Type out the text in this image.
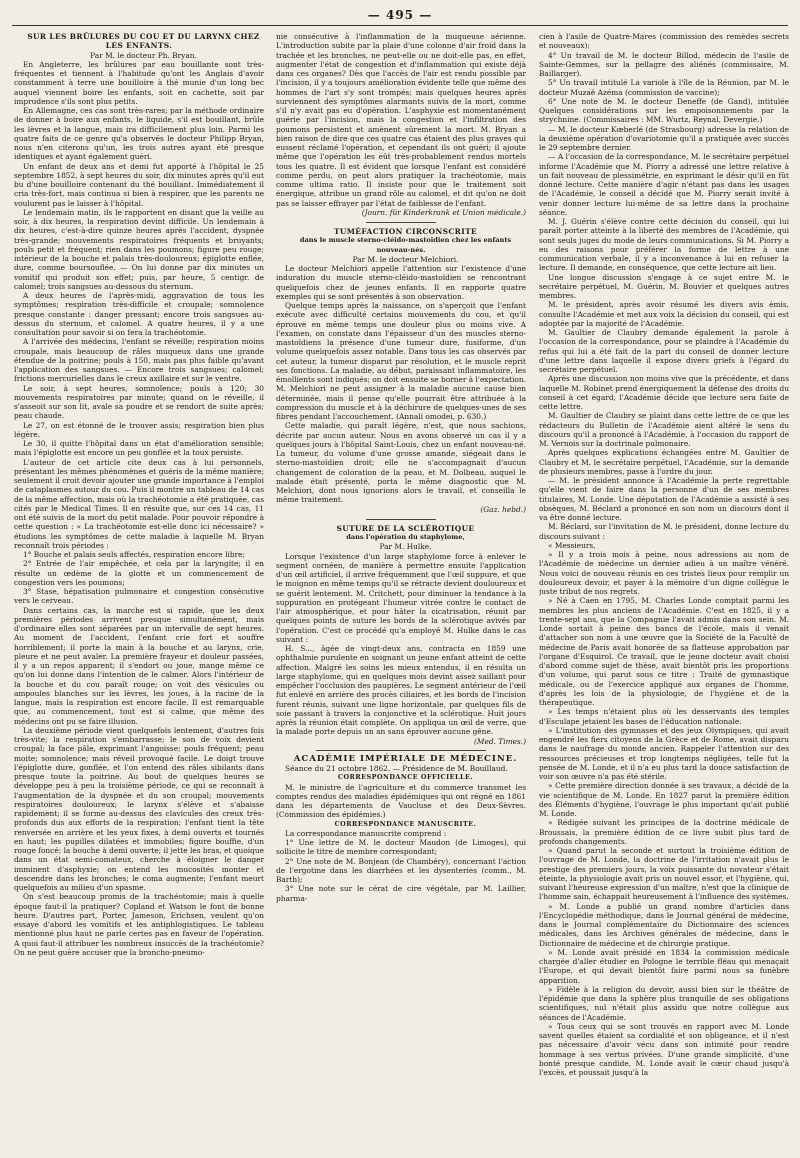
— 495 —

SUR LES BRÛLURES DU COU ET DU LARYNX CHEZ LES ENFANTS.

Par M. le docteur Ph. Bryan.

En Angleterre, les brûlures par eau bouillante sont très-fréquentes et tiennent à l'habitude qu'ont les Anglais d'avoir constamment à terre une bouilloire à thé munie d'un long bec auquel viennent boire les enfants, soit en cachette, soit par imprudence s'ils sont plus petits.

En Allemagne, ces cas sont très-rares; par la méthode ordinaire de donner à boire aux enfants, le liquide, s'il est bouillant, brûle les lèvres et la langue, mais ira difficilement plus loin. Parmi les quatre faits de ce genre qu'a observés le docteur Philipp Bryan, nous n'en citerons qu'un, les trois autres ayant été presque identiques et ayant également guéri.

Un enfant de deux ans et demi fut apporté à l'hôpital le 25 septembre 1852, à sept heures du soir, dix minutes après qu'il eut bu d'une bouilloire contenant du thé bouillant. Immédiatement il cria très-fort, mais continua si bien à respirer, que les parents ne voulurent pas le laisser à l'hôpital.

Le lendemain matin, ils le rapportent en disant que la veille au soir, à dix heures, la respiration devint difficile. Un lendemain à dix heures, c'est-à-dire quinze heures après l'accident, dyspnée très-grande; mouvements respiratoires fréquents et bruyants; pouls petit et fréquent; rien dans les poumons; figure peu rouge; intérieur de la bouche et palais très-douloureux; épiglotte enflée, dure, comme boursouflée. — On lui donne par dix minutes un vomitif qui produit son effet; puis, par heure, 5 centigr. de calomel; trois sangsues au-dessous du sternum.

A deux heures de l'après-midi, aggravation de tous les symptômes; respiration très-difficile et croupale; somnolence presque constante : danger pressant; encore trois sangsues au-dessus du sternum, et calomel. A quatre heures, il y a une consultation pour savoir si on fera la trachéotomie.

A l'arrivée des médecins, l'enfant se réveille; respiration moins croupale, mais beaucoup de râles muqueux dans une grande étendue de la poitrine; pouls à 150, mais pas plus faible qu'avant l'application des sangsues. — Encore trois sangsues; calomel; frictions mercurielles dans le creux axillaire et sur le ventre.

Le soir, à sept heures, somnolence; pouls à 120; 30 mouvements respiratoires par minute; quand on le réveille, il s'asseoit sur son lit, avale sa poudre et se rendort de suite après; peau chaude.

Le 27, on est étonné de le trouver assis; respiration bien plus légère.

Le 30, il quitte l'hôpital dans un état d'amélioration sensible; mais l'épiglotte est encore un peu gonflée et la toux persiste.

L'auteur de cet article cite deux cas à lui personnels, présentant les mêmes phénomènes et guéris de la même manière; seulement il croit devoir ajouter une grande importance à l'emploi de cataplasmes autour du cou. Puis il montre un tableau de 14 cas de la même affection, mais où la trachéotomie a été pratiquée, cas cités par le Medical Times. Il en résulte que, sur ces 14 cas, 11 ont été suivis de la mort du petit malade. Pour pouvoir répondre à cette question : « La trachéotomie est-elle donc ici nécessaire? » étudions les symptômes de cette maladie à laquelle M. Bryan reconnaît trois périodes :

1° Bouche et palais seuls affectés, respiration encore libre;

2° Entrée de l'air empêchée, et cela par la laryngite; il en résulte un œdème de la glotte et un commencement de congestion vers les poumons;

3° Stase, hépatisation pulmonaire et congestion consécutive vers le cerveau.

Dans certains cas, la marche est si rapide, que les deux premières périodes arrivent presque simultanément, mais d'ordinaire elles sont séparées par un intervalle de sept heures. Au moment de l'accident, l'enfant crie fort et souffre horriblement; il porte la main à la bouche et au larynx, crie, pleure et ne peut avaler. La première frayeur et douleur passées, il y a un repos apparent; il s'endort ou joue, mange même ce qu'on lui donne dans l'intention de le calmer. Alors l'intérieur de la bouche et du cou paraît rouge; on voit des vésicules ou ampoules blanches sur les lèvres, les joues, à la racine de la langue, mais la respiration est encore facile. Il est remarquable que, au commencement, tout est si calme, que même des médecins ont pu se faire illusion.

La deuxième période vient quelquefois lentement, d'autres fois très-vite; la respiration s'embarrasse; le son de voix devient croupal; la face pâle, exprimant l'angoisse; pouls fréquent; peau moite; somnolence; mais réveil provoqué facile. Le doigt trouve l'épiglotte dure, gonflée, et l'on entend des râles sibilants dans presque toute la poitrine. Au bout de quelques heures se développe peu à peu la troisième période, ce qui se reconnaît à l'augmentation de la dyspnée et du son croupal; mouvements respiratoires douloureux; le larynx s'élève et s'abaisse rapidement; il se forme au-dessus des clavicules des creux très-profonds dus aux efforts de la respiration; l'enfant tient la tête renversée en arrière et les yeux fixes, à demi ouverts et tournés en haut; les pupilles dilatées et immobiles; figure bouffie, d'un rouge foncé; la bouche à demi ouverte; il jette les bras, et quoique dans un état semi-comateux, cherche à éloigner le danger imminent d'asphyxie; on entend les mucosités monter et descendre dans les bronches; le coma augmente; l'enfant meurt quelquefois au milieu d'un spasme.

On s'est beaucoup promis de la trachéotomie; mais à quelle époque faut-il la pratiquer? Copland et Watson le font de bonne heure. D'autres part, Porter, Jameson, Erichsen, veulent qu'on essaye d'abord les vomitifs et les antiphlogistiques. Le tableau mentionné plus haut ne parle certes pas en faveur de l'opération. A quoi faut-il attribuer les nombreux insuccès de la trachéotomie? On ne peut guère accuser que la broncho-pneumo-

nie consécutive à l'inflammation de la muqueuse aérienne. L'introduction subite par la plaie d'une colonne d'air froid dans la trachée et les bronches, ne peut-elle ou ne doit-elle pas, en effet, augmenter l'état de congestion et d'inflammation qui existe déjà dans ces organes? Dès que l'accès de l'air est rendu possible par l'incision, il y a toujours amélioration évidente telle que même des hommes de l'art s'y sont trompés; mais quelques heures après surviennent des symptômes alarmants suivis de la mort, comme s'il n'y avait pas eu d'opération. L'asphyxie est momentanément guérie par l'incision, mais la congestion et l'infiltration des poumons persistent et amènent sûrement la mort. M. Bryan a bien raison de dire que ces quatre cas étaient des plus graves qui eussent réclamé l'opération, et cependant ils ont guéri; il ajoute même que l'opération les eût très-probablement rendus mortels tous les quatre. Il est évident que lorsque l'enfant est considéré comme perdu, on peut alors pratiquer la trachéotomie, mais comme ultima ratio. Il insiste pour que le traitement soit énergique, attribue un grand rôle au calomel, et dit qu'on ne doit pas se laisser effrayer par l'état de faiblesse de l'enfant.

(Journ. für Kinderkrank et Union médicale.)

TUMÉFACTION CIRCONSCRITE

dans le muscle sterno-cléido-mastoïdien chez les enfants nouveau-nés.

Par M. le docteur Melchiori.

Le docteur Melchiori appelle l'attention sur l'existence d'une induration du muscle sterno-cléido-mastoïdien se rencontrant quelquefois chez de jeunes enfants. Il en rapporte quatre exemples qui se sont présentés à son observation.

Quelque temps après la naissance, on s'aperçoit que l'enfant exécute avec difficulté certains mouvements du cou, et qu'il éprouve en même temps une douleur plus ou moins vive. A l'examen, on constate dans l'épaisseur d'un des muscles sterno-mastoïdiens la présence d'une tumeur dure, fusiforme, d'un volume quelquefois assez notable. Dans tous les cas observés par cet auteur, la tumeur disparut par résolution, et le muscle reprit ses fonctions. La maladie, au début, paraissant inflammatoire, les émollients sont indiqués; on doit ensuite se borner à l'expectation. M. Melchiori ne peut assigner à la maladie aucune cause bien déterminée, mais il pense qu'elle pourrait être attribuée à la compression du muscle et à la déchirure de quelques-unes de ses fibres pendant l'accouchement. (Annali omodei, p. 630.)

Cette maladie, qui paraît légère, n'est, que nous sachions, décrite par aucun auteur. Nous en avons observé un cas il y a quelques jours à l'hôpital Saint-Louis, chez un enfant nouveau-né. La tumeur, du volume d'une grosse amande, siégeait dans le sterno-mastoïdien droit; elle ne s'accompagnait d'aucun changement de coloration de la peau, et M. Dolbeau, auquel le malade était présenté, porta le même diagnostic que M. Melchiori, dont nous ignorions alors le travail, et conseilla le même traitement.

(Gaz. hebd.)

SUTURE DE LA SCLÉROTIQUE

dans l'opération du staphylome,

Par M. Hulke.

Lorsque l'existence d'un large staphylome force à enlever le segment cornéen, de manière à permettre ensuite l'application d'un œil artificiel, il arrive fréquemment que l'œil suppure, et que le moignon en même temps qu'il se rétracte devient douloureux et se guérit lentement. M. Critchett, pour diminuer la tendance à la suppuration en protégeant l'humeur vitrée contre le contact de l'air atmosphérique, et pour hâter la cicatrisation, réunit par quelques points de suture les bords de la sclérotique avivés par l'opération. C'est ce procédé qu'a employé M. Hulke dans le cas suivant :

H. S..., âgée de vingt-deux ans, contracta en 1859 une ophthalmie purulente en soignant un jeune enfant atteint de cette affection. Malgré les soins les mieux entendus, il en résulta un large staphylome, qui en quelques mois devint assez saillant pour empêcher l'occlusion des paupières. Le segment antérieur de l'œil fut enlevé en arrière des procès ciliaires, et les bords de l'incision furent réunis, suivant une ligne horizontale, par quelques fils de soie passant à travers la conjonctive et la sclérotique. Huit jours après la réunion était complète. On appliqua un œil de verre, que la malade porte depuis un an sans éprouver aucune gêne.

(Med. Times.)

ACADÉMIE IMPÉRIALE DE MÉDECINE.

Séance du 21 octobre 1862. — Présidence de M. Bouillaud.

CORRESPONDANCE OFFICIELLE.

M. le ministre de l'agriculture et du commerce transmet les comptes rendus des maladies épidémiques qui ont régné en 1861 dans les départements de Vaucluse et des Deux-Sèvres. (Commission des épidémies.)

CORRESPONDANCE MANUSCRITE.

La correspondance manuscrite comprend :

1° Une lettre de M. le docteur Maudon (de Limoges), qui sollicite le titre de membre correspondant;

2° Une note de M. Bonjean (de Chambéry), concernant l'action de l'ergotine dans les diarrhées et les dysenteries (comm., M. Barth);

3° Une note sur le cérat de cire végétale, par M. Laillier, pharma-

cien à l'asile de Quatre-Mares (commission des remèdes secrets et nouveaux);

4° Un travail de M. le docteur Billod, médecin de l'asile de Sainte-Gemmes, sur la pellagre des aliénés (commissaire, M. Baillarger).

5° Un travail intitulé La variole à l'île de la Réunion, par M. le docteur Muzaë Azéma (commission de vaccine);

6° Une note de M. le docteur Deneffe (de Gand), intitulée Quelques considérations sur les empoisonnements par la strychnine. (Commissaires : MM. Wurtz, Reynal, Devergie.)

— M. le docteur Kœberlé (de Strasbourg) adresse la relation de la deuxième opération d'ovariotomie qu'il a pratiquée avec succès le 29 septembre dernier.

— A l'occasion de la correspondance, M. le secrétaire perpétuel informe l'Académie que M. Piorry a adressé une lettre relative à un fait nouveau de plessimétrie, en exprimant le désir qu'il en fût donné lecture. Cette manière d'agir n'étant pas dans les usages de l'Académie, le conseil a décidé que M. Piorry serait invité à venir donner lecture lui-même de sa lettre dans la prochaine séance.

M. J. Guérin s'élève contre cette décision du conseil, qui lui paraît porter atteinte à la liberté des membres de l'Académie, qui sont seuls juges du mode de leurs communications. Si M. Piorry a eu des raisons pour préférer la forme de lettre à une communication verbale, il y a inconvenance à lui en refuser la lecture. Il demande, en conséquence, que cette lecture ait lieu.

Une longue discussion s'engage à ce sujet entre M. le secrétaire perpétuel, M. Guérin, M. Bouvier et quelques autres membres.

M. le président, après avoir résumé les divers avis émis, consulte l'Académie et met aux voix la décision du conseil, qui est adoptée par la majorité de l'Académie.

M. Gaultier de Claubry demande également la parole à l'occasion de la correspondance, pour se plaindre à l'Académie du refus qui lui a été fait de la part du conseil de donner lecture d'une lettre dans laquelle il expose divers griefs à l'égard du secrétaire perpétuel.

Après une discussion non moins vive que la précédente, et dans laquelle M. Robinet prend énergiquement la défense des droits du conseil à cet égard, l'Académie décide que lecture sera faite de cette lettre.

M. Gaultier de Claubry se plaint dans cette lettre de ce que les rédacteurs du Bulletin de l'Académie aient altéré le sens du discours qu'il a prononcé à l'Académie, à l'occasion du rapport de M. Vernois sur la doctrinale pulmonaire.

Après quelques explications échangées entre M. Gaultier de Claubry et M. le secrétaire perpétuel, l'Académie, sur la demande de plusieurs membres, passe à l'ordre du jour.

— M. le président annonce à l'Académie la perte regrettable qu'elle vient de faire dans la personne d'un de ses membres titulaires, M. Londe. Une députation de l'Académie a assisté à ses obsèques, M. Béclard a prononcé en son nom un discours dont il va être donné lecture.

M. Béclard, sur l'invitation de M. le président, donne lecture du discours suivant :

« Messieurs,

» Il y a trois mois à peine, nous adressions au nom de l'Académie de médecine un dernier adieu à un maître vénéré. Nous voici de nouveau réunis en ces tristes lieux pour remplir un douloureux devoir, et payer à la mémoire d'un digne collègue le juste tribut de nos regrets.

» Né à Caen en 1795, M. Charles Londe comptait parmi les membres les plus anciens de l'Académie. C'est en 1825, il y a trente-sept ans, que la Compagnie l'avait admis dans son sein. M. Londe sortait à peine des bancs de l'école, mais il venait d'attacher son nom à une œuvre que la Société de la Faculté de médecine de Paris avait honorée de sa flatteuse approbation par l'organe d'Esquirol. Ce travail, que le jeune docteur avait choisi d'abord comme sujet de thèse, avait bientôt pris les proportions d'un volume, qui parut sous ce titre : Traité de gymnastique médicale, ou de l'exercice appliqué aux organes de l'homme, d'après les lois de la physiologie, de l'hygiène et de la thérapeutique.

» Les temps n'étaient plus où les desservants des temples d'Esculape jetaient les bases de l'éducation nationale.

» L'institution des gymnases et des jeux Olympiques, qui avait engendré les fiers citoyens de la Grèce et de Rome, avait disparu dans le naufrage du monde ancien. Rappeler l'attention sur des ressources précieuses et trop longtemps négligées, telle fut la pensée de M. Londe, et il n'a eu plus tard la douce satisfaction de voir son œuvre n'a pas été stérile.

» Cette première direction donnée à ses travaux, a décidé de la vie scientifique de M. Londe. En 1827 parut la première édition des Éléments d'hygiène, l'ouvrage le plus important qu'ait publié M. Londe.

» Rédigée suivant les principes de la doctrine médicale de Broussais, la première édition de ce livre subit plus tard de profonds changements.

» Quand parut la seconde et surtout la troisième édition de l'ouvrage de M. Londe, la doctrine de l'irritation n'avait plus le prestige des premiers jours, la voix puissante du novateur s'était éteinte, la physiologie avait pris un nouvel essor, et l'hygiène, qui, suivant l'heureuse expression d'un maître, n'est que la clinique de l'homme sain, échappait heureusement à l'influence des systèmes.

» M. Londe a publié un grand nombre d'articles dans l'Encyclopédie méthodique, dans le Journal général de médecine, dans le Journal complémentaire du Dictionnaire des sciences médicales, dans les Archives générales de médecine, dans le Dictionnaire de médecine et de chirurgie pratique.

» M. Londe avait présidé en 1834 la commission médicale chargée d'aller étudier en Pologne le terrible fléau qui menaçait l'Europe, et qui devait bientôt faire parmi nous sa funèbre apparition.

» Fidèle à la religion du devoir, aussi bien sur le théâtre de l'épidémie que dans la sphère plus tranquille de ses obligations scientifiques, nul n'était plus assidu que notre collègue aux séances de l'Académie.

» Tous ceux qui se sont trouvés en rapport avec M. Londe savent quelles étaient sa cordialité et son obligeance, et il n'est pas nécessaire d'avoir vécu dans son intimité pour rendre hommage à ses vertus privées. D'une grande simplicité, d'une bonté presque candide, M. Londe avait le cœur chaud jusqu'à l'excès, et poussait jusqu'à la
